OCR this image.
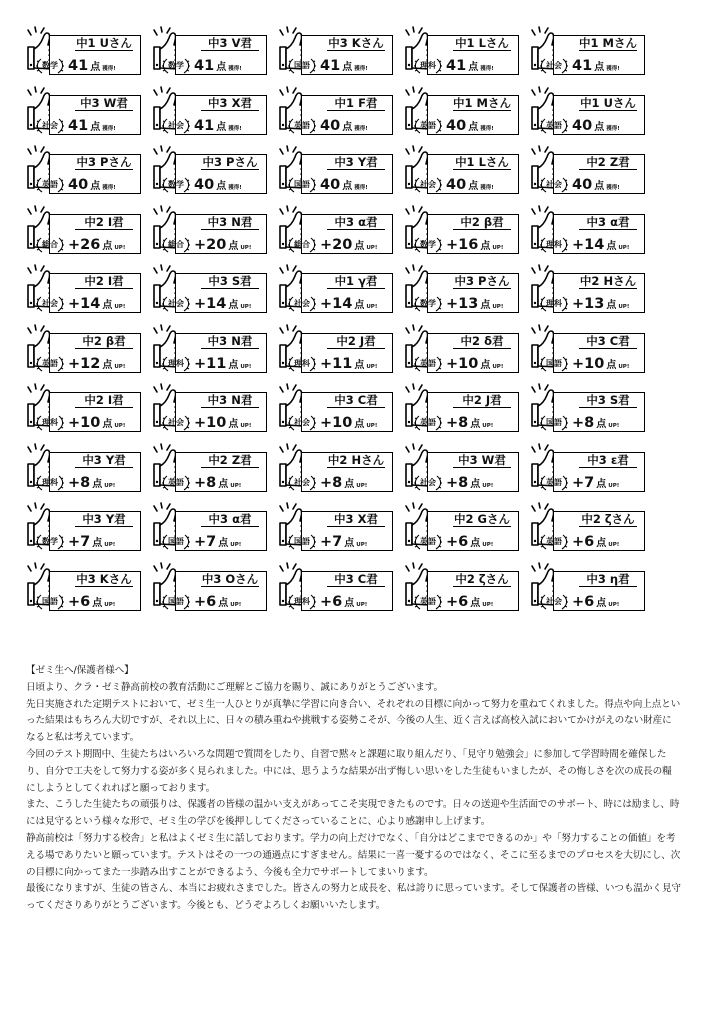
中1 Uさん
数学 41 点 獲得!
中3 V君
数学 41 点 獲得!
中3 Kさん
国語 41 点 獲得!
中1 Lさん
理科 41 点 獲得!
中1 Mさん
社会 41 点 獲得!
中3 W君
社会 41 点 獲得!
中3 X君
社会 41 点 獲得!
中1 F君
英語 40 点 獲得!
中1 Mさん
英語 40 点 獲得!
中1 Uさん
英語 40 点 獲得!
中3 Pさん
英語 40 点 獲得!
中3 Pさん
数学 40 点 獲得!
中3 Y君
国語 40 点 獲得!
中1 Lさん
社会 40 点 獲得!
中2 Z君
社会 40 点 獲得!
中2 I君
総合 +26 点 UP!
中3 N君
総合 +20 点 UP!
中3 α君
総合 +20 点 UP!
中2 β君
数学 +16 点 UP!
中3 α君
理科 +14 点 UP!
中2 I君
社会 +14 点 UP!
中3 S君
社会 +14 点 UP!
中1 γ君
社会 +14 点 UP!
中3 Pさん
数学 +13 点 UP!
中2 Hさん
理科 +13 点 UP!
中2 β君
英語 +12 点 UP!
中3 N君
理科 +11 点 UP!
中2 J君
理科 +11 点 UP!
中2 δ君
英語 +10 点 UP!
中3 C君
国語 +10 点 UP!
中2 I君
理科 +10 点 UP!
中3 N君
社会 +10 点 UP!
中3 C君
社会 +10 点 UP!
中2 J君
英語 +8 点 UP!
中3 S君
国語 +8 点 UP!
中3 Y君
理科 +8 点 UP!
中2 Z君
英語 +8 点 UP!
中2 Hさん
社会 +8 点 UP!
中3 W君
社会 +8 点 UP!
中3 ε君
英語 +7 点 UP!
中3 Y君
数学 +7 点 UP!
中3 α君
国語 +7 点 UP!
中3 X君
国語 +7 点 UP!
中2 Gさん
英語 +6 点 UP!
中2 ζさん
英語 +6 点 UP!
中3 Kさん
国語 +6 点 UP!
中3 Oさん
国語 +6 点 UP!
中3 C君
理科 +6 点 UP!
中2 ζさん
英語 +6 点 UP!
中3 η君
社会 +6 点 UP!

【ゼミ生へ/保護者様へ】

日頃より、クラ・ゼミ静高前校の教育活動にご理解とご協力を賜り、誠にありがとうございます。

先日実施された定期テストにおいて、ゼミ生一人ひとりが真摯に学習に向き合い、それぞれの目標に向かって努力を重ねてくれました。得点や向上点といった結果はもちろん大切ですが、それ以上に、日々の積み重ねや挑戦する姿勢こそが、今後の人生、近く言えば高校入試においてかけがえのない財産になると私は考えています。

今回のテスト期間中、生徒たちはいろいろな問題で質問をしたり、自習で黙々と課題に取り組んだり、「見守り勉強会」に参加して学習時間を確保したり、自分で工夫をして努力する姿が多く見られました。中には、思うような結果が出ず悔しい思いをした生徒もいましたが、その悔しさを次の成長の糧にしようとしてくれればと願っております。

また、こうした生徒たちの頑張りは、保護者の皆様の温かい支えがあってこそ実現できたものです。日々の送迎や生活面でのサポート、時には励まし、時には見守るという様々な形で、ゼミ生の学びを後押ししてくださっていることに、心より感謝申し上げます。

静高前校は「努力する校舎」と私はよくゼミ生に話しております。学力の向上だけでなく、「自分はどこまでできるのか」や「努力することの価値」を考える場でありたいと願っています。テストはその一つの通過点にすぎません。結果に一喜一憂するのではなく、そこに至るまでのプロセスを大切にし、次の目標に向かってまた一歩踏み出すことができるよう、今後も全力でサポートしてまいります。

最後になりますが、生徒の皆さん、本当にお疲れさまでした。皆さんの努力と成長を、私は誇りに思っています。そして保護者の皆様、いつも温かく見守ってくださりありがとうございます。今後とも、どうぞよろしくお願いいたします。
